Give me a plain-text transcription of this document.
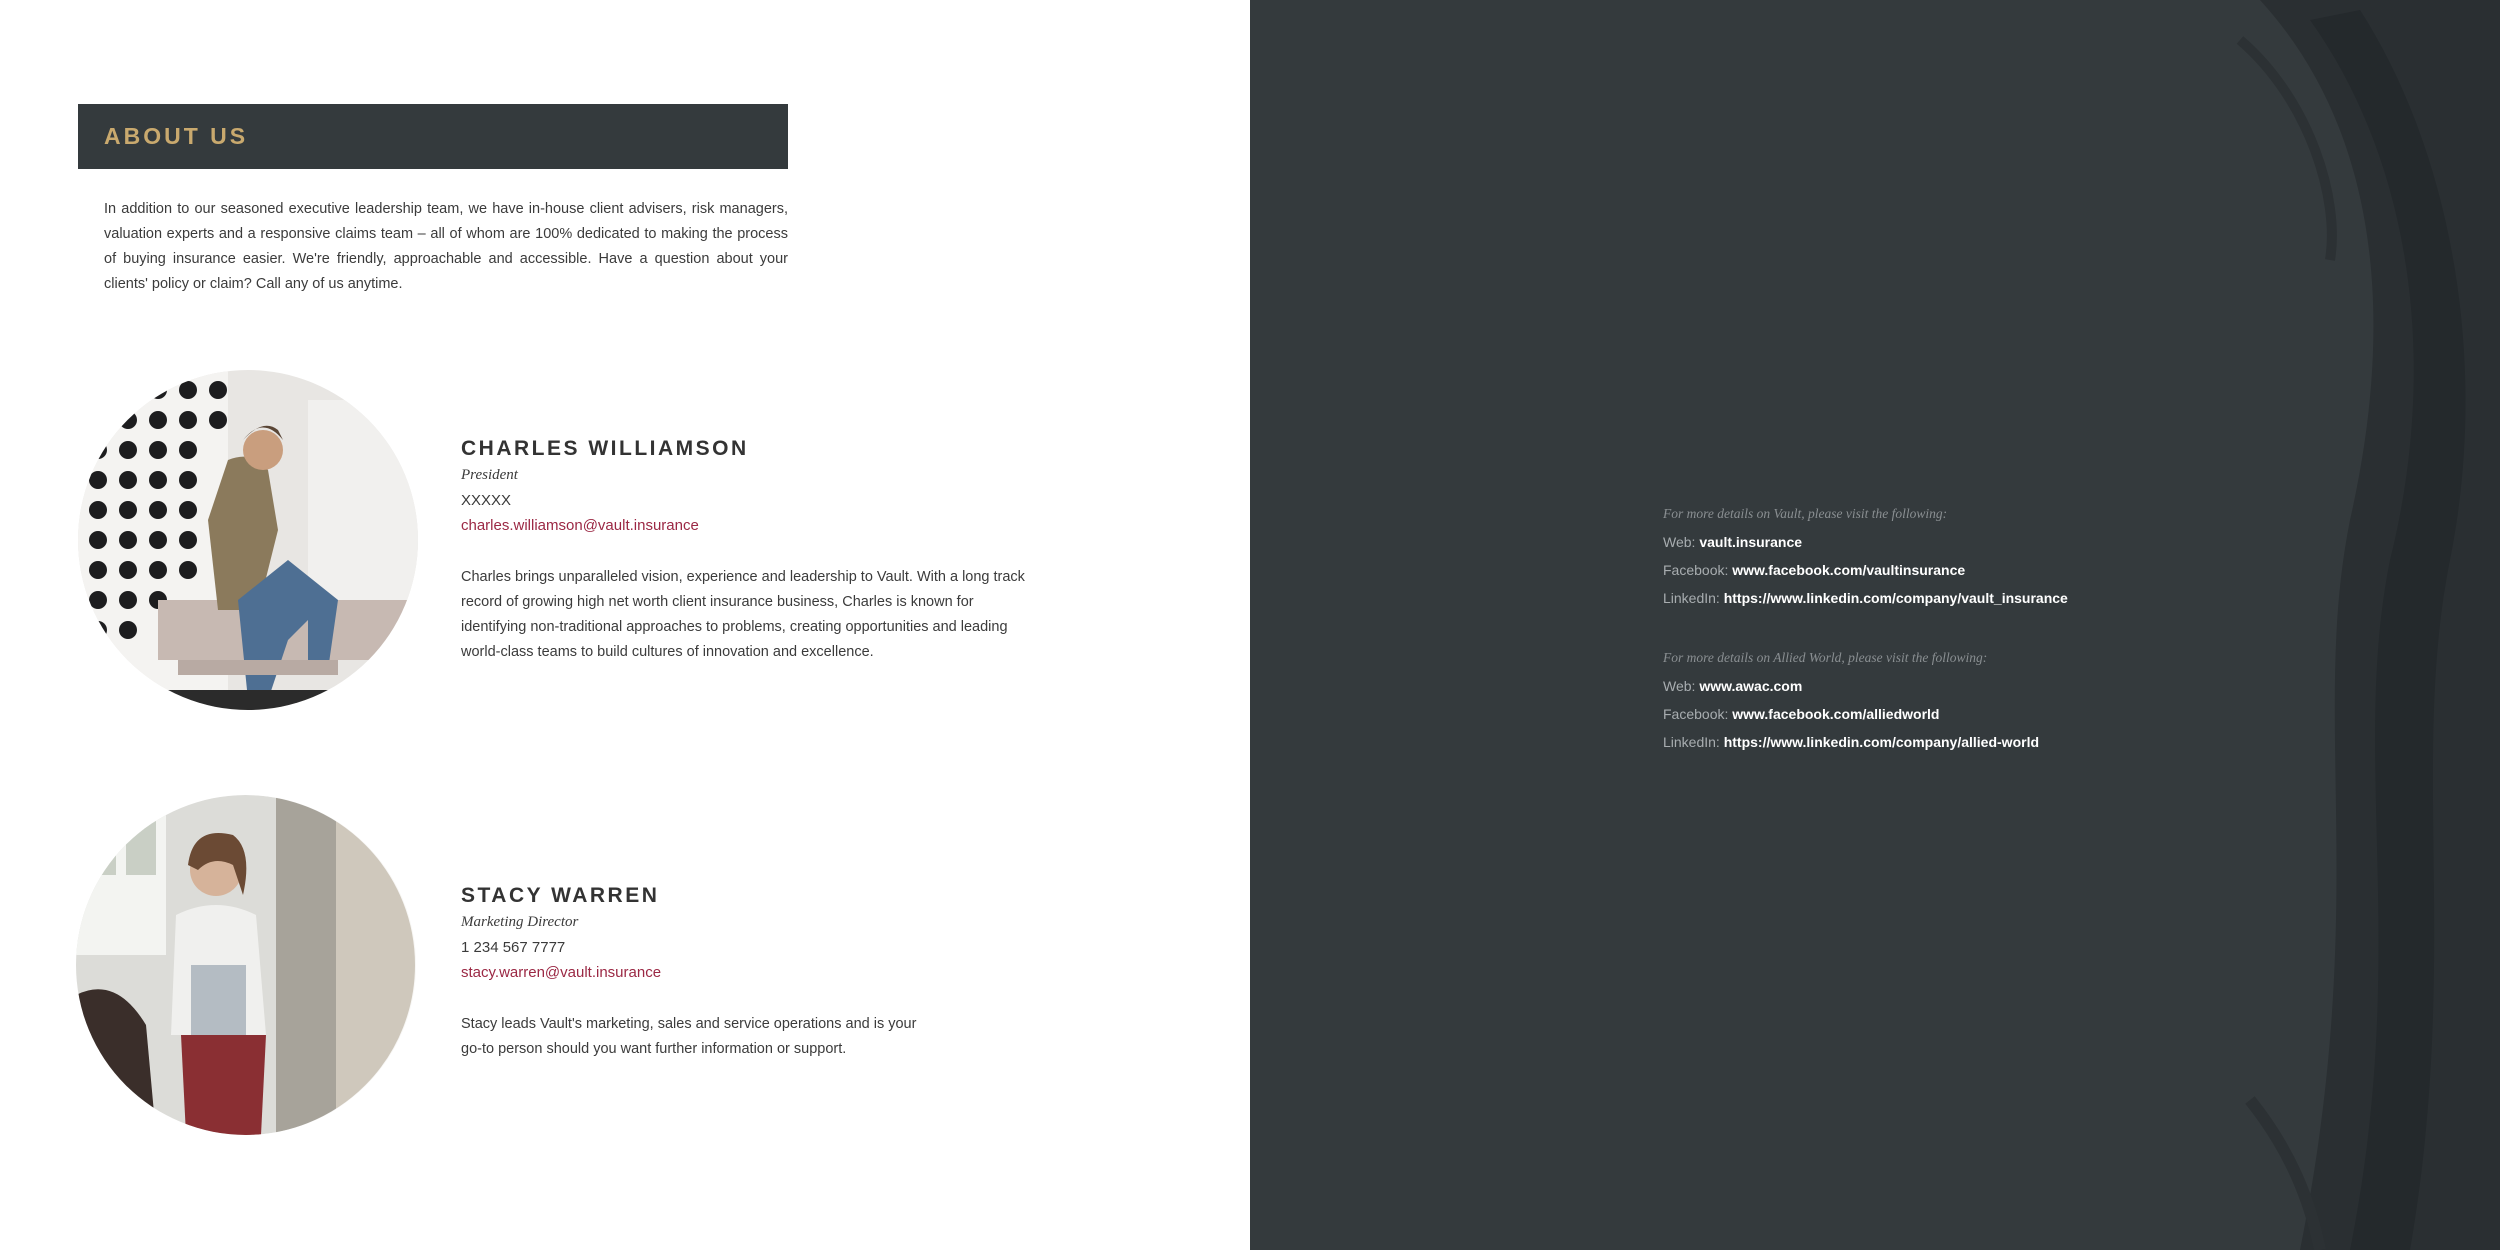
ABOUT US
In addition to our seasoned executive leadership team, we have in-house client advisers, risk managers, valuation experts and a responsive claims team – all of whom are 100% dedicated to making the process of buying insurance easier. We're friendly, approachable and accessible. Have a question about your clients' policy or claim? Call any of us anytime.
CHARLES WILLIAMSON
President
XXXXX
charles.williamson@vault.insurance
Charles brings unparalleled vision, experience and leadership to Vault. With a long track record of growing high net worth client insurance business, Charles is known for identifying non-traditional approaches to problems, creating opportunities and leading world-class teams to build cultures of innovation and excellence.
STACY WARREN
Marketing Director
1 234 567 7777
stacy.warren@vault.insurance
Stacy leads Vault's marketing, sales and service operations and is your go-to person should you want further information or support.
For more details on Vault, please visit the following:
Web: vault.insurance
Facebook: www.facebook.com/vaultinsurance
LinkedIn: https://www.linkedin.com/company/vault_insurance
For more details on Allied World, please visit the following:
Web: www.awac.com
Facebook: www.facebook.com/alliedworld
LinkedIn: https://www.linkedin.com/company/allied-world
